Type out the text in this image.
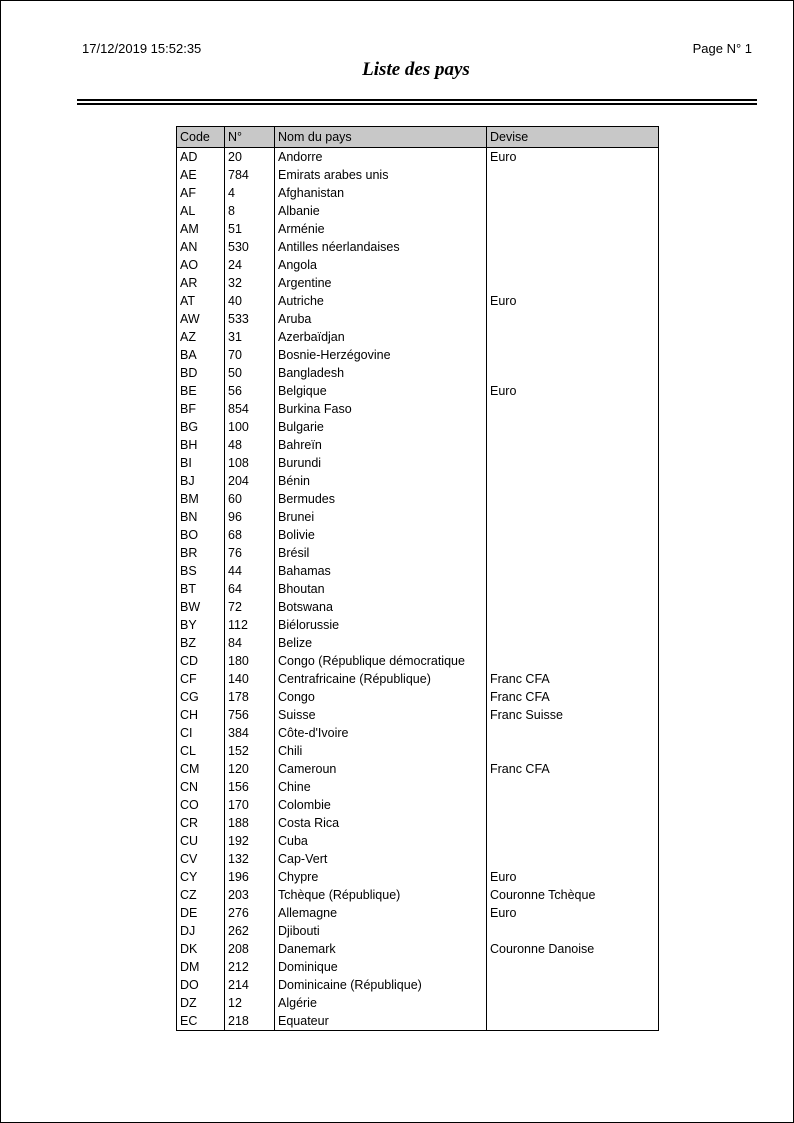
17/12/2019 15:52:35	Page N° 1
Liste des pays
Code	N°	Nom du pays	Devise
AD	20	Andorre	Euro
AE	784	Emirats arabes unis	
AF	4	Afghanistan	
AL	8	Albanie	
AM	51	Arménie	
AN	530	Antilles néerlandaises	
AO	24	Angola	
AR	32	Argentine	
AT	40	Autriche	Euro
AW	533	Aruba	
AZ	31	Azerbaïdjan	
BA	70	Bosnie-Herzégovine	
BD	50	Bangladesh	
BE	56	Belgique	Euro
BF	854	Burkina Faso	
BG	100	Bulgarie	
BH	48	Bahreïn	
BI	108	Burundi	
BJ	204	Bénin	
BM	60	Bermudes	
BN	96	Brunei	
BO	68	Bolivie	
BR	76	Brésil	
BS	44	Bahamas	
BT	64	Bhoutan	
BW	72	Botswana	
BY	112	Biélorussie	
BZ	84	Belize	
CD	180	Congo (République démocratique	
CF	140	Centrafricaine (République)	Franc CFA
CG	178	Congo	Franc CFA
CH	756	Suisse	Franc Suisse
CI	384	Côte-d'Ivoire	
CL	152	Chili	
CM	120	Cameroun	Franc CFA
CN	156	Chine	
CO	170	Colombie	
CR	188	Costa Rica	
CU	192	Cuba	
CV	132	Cap-Vert	
CY	196	Chypre	Euro
CZ	203	Tchèque (République)	Couronne Tchèque
DE	276	Allemagne	Euro
DJ	262	Djibouti	
DK	208	Danemark	Couronne Danoise
DM	212	Dominique	
DO	214	Dominicaine (République)	
DZ	12	Algérie	
EC	218	Equateur	
